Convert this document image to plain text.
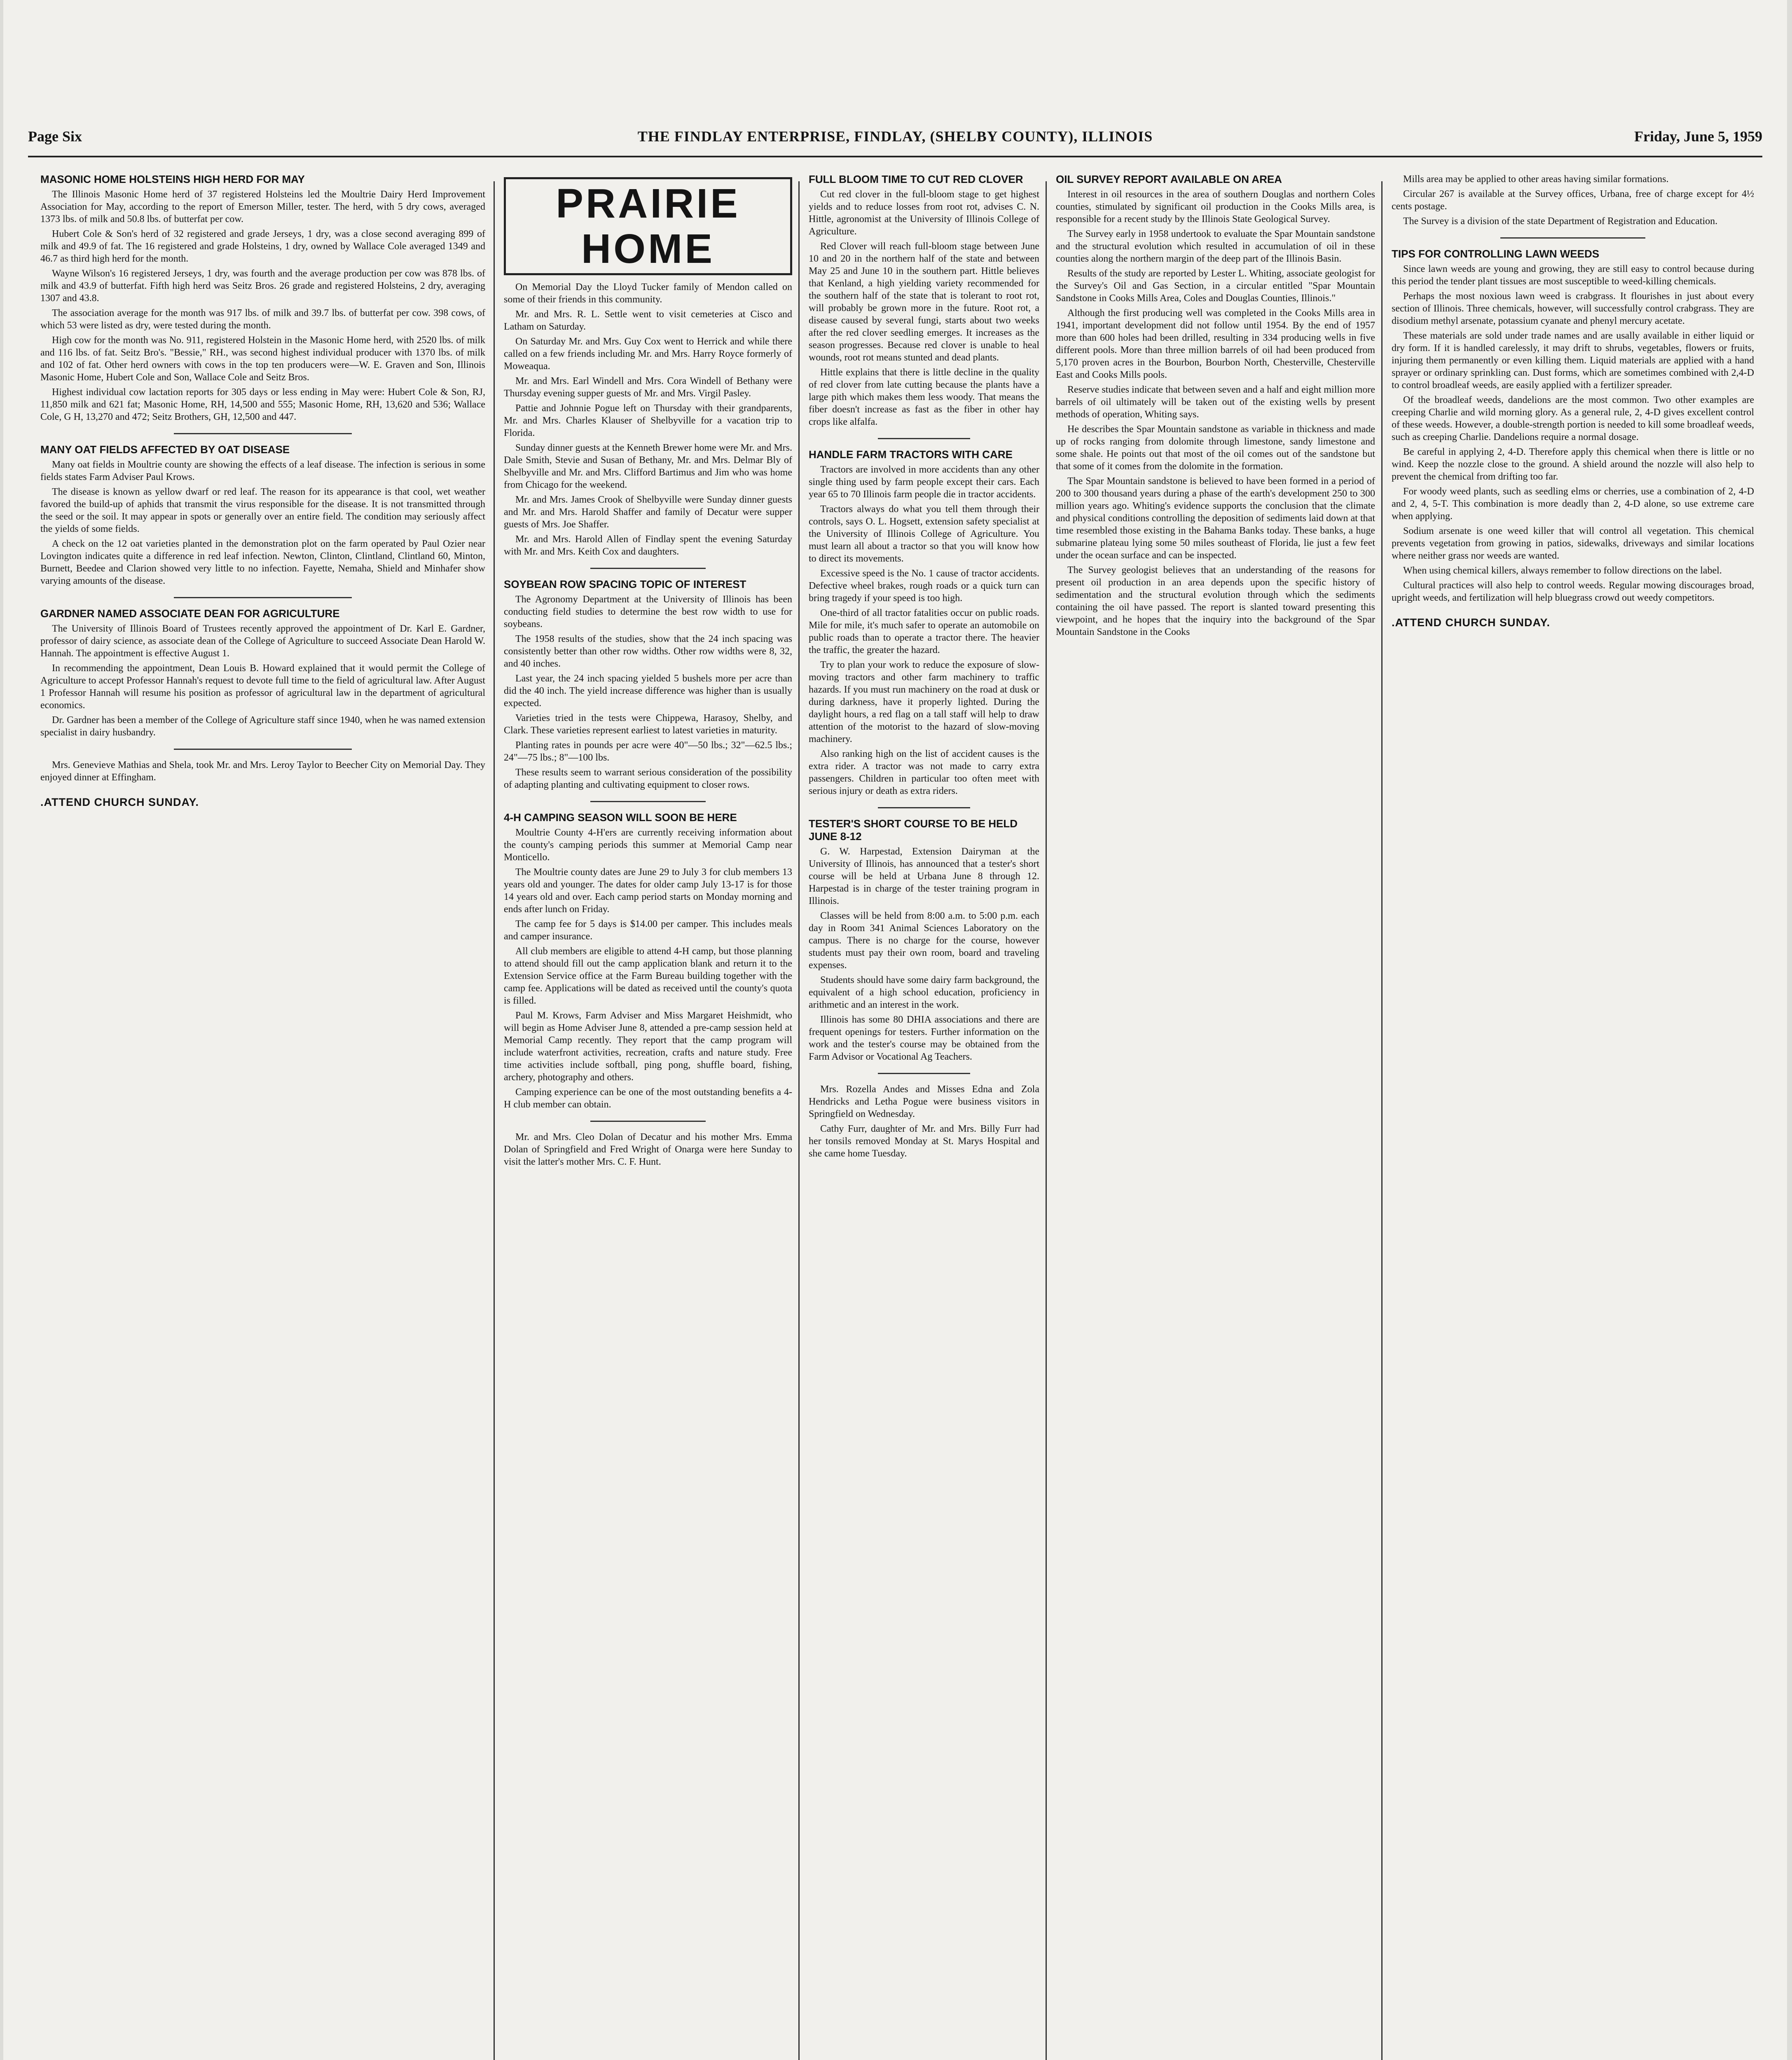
Page Six	THE FINDLAY ENTERPRISE, FINDLAY, (SHELBY COUNTY), ILLINOIS	Friday, June 5, 1959
MASONIC HOME HOLSTEINS HIGH HERD FOR MAY

The Illinois Masonic Home herd of 37 registered Holsteins led the Moultrie Dairy Herd Improvement Association for May, according to the report of Emerson Miller, tester. The herd, with 5 dry cows, averaged 1373 lbs. of milk and 50.8 lbs. of butterfat per cow.

Hubert Cole & Son's herd of 32 registered and grade Jerseys, 1 dry, was a close second averaging 899 of milk and 49.9 of fat. The 16 registered and grade Holsteins, 1 dry, owned by Wallace Cole averaged 1349 and 46.7 as third high herd for the month.

Wayne Wilson's 16 registered Jerseys, 1 dry, was fourth and the average production per cow was 878 lbs. of milk and 43.9 of butterfat. Fifth high herd was Seitz Bros. 26 grade and registered Holsteins, 2 dry, averaging 1307 and 43.8.

The association average for the month was 917 lbs. of milk and 39.7 lbs. of butterfat per cow. 398 cows, of which 53 were listed as dry, were tested during the month.

High cow for the month was No. 911, registered Holstein in the Masonic Home herd, with 2520 lbs. of milk and 116 lbs. of fat. Seitz Bro's. "Bessie," RH., was second highest individual producer with 1370 lbs. of milk and 102 of fat. Other herd owners with cows in the top ten producers were—W. E. Graven and Son, Illinois Masonic Home, Hubert Cole and Son, Wallace Cole and Seitz Bros.

Highest individual cow lactation reports for 305 days or less ending in May were: Hubert Cole & Son, RJ, 11,850 milk and 621 fat; Masonic Home, RH, 14,500 and 555; Masonic Home, RH, 13,620 and 536; Wallace Cole, G H, 13,270 and 472; Seitz Brothers, GH, 12,500 and 447.

MANY OAT FIELDS AFFECTED BY OAT DISEASE

Many oat fields in Moultrie county are showing the effects of a leaf disease. The infection is serious in some fields states Farm Adviser Paul Krows.

The disease is known as yellow dwarf or red leaf. The reason for its appearance is that cool, wet weather favored the build-up of aphids that transmit the virus responsible for the disease. It is not transmitted through the seed or the soil. It may appear in spots or generally over an entire field. The condition may seriously affect the yields of some fields.

A check on the 12 oat varieties planted in the demonstration plot on the farm operated by Paul Ozier near Lovington indicates quite a difference in red leaf infection. Newton, Clinton, Clintland, Clintland 60, Minton, Burnett, Beedee and Clarion showed very little to no infection. Fayette, Nemaha, Shield and Minhafer show varying amounts of the disease.

GARDNER NAMED ASSOCIATE DEAN FOR AGRICULTURE

The University of Illinois Board of Trustees recently approved the appointment of Dr. Karl E. Gardner, professor of dairy science, as associate dean of the College of Agriculture to succeed Associate Dean Harold W. Hannah. The appointment is effective August 1.

In recommending the appointment, Dean Louis B. Howard explained that it would permit the College of Agriculture to accept Professor Hannah's request to devote full time to the field of agricultural law. After August 1 Professor Hannah will resume his position as professor of agricultural law in the department of agricultural economics.

Dr. Gardner has been a member of the College of Agriculture staff since 1940, when he was named extension specialist in dairy husbandry.

Mrs. Genevieve Mathias and Shela, took Mr. and Mrs. Leroy Taylor to Beecher City on Memorial Day. They enjoyed dinner at Effingham.

.ATTEND CHURCH SUNDAY.
PRAIRIE HOME

On Memorial Day the Lloyd Tucker family of Mendon called on some of their friends in this community.

Mr. and Mrs. R. L. Settle went to visit cemeteries at Cisco and Latham on Saturday.

On Saturday Mr. and Mrs. Guy Cox went to Herrick and while there called on a few friends including Mr. and Mrs. Harry Royce formerly of Moweaqua.

Mr. and Mrs. Earl Windell and Mrs. Cora Windell of Bethany were Thursday evening supper guests of Mr. and Mrs. Virgil Pasley.

Pattie and Johnnie Pogue left on Thursday with their grandparents, Mr. and Mrs. Charles Klauser of Shelbyville for a vacation trip to Florida.

Sunday dinner guests at the Kenneth Brewer home were Mr. and Mrs. Dale Smith, Stevie and Susan of Bethany, Mr. and Mrs. Delmar Bly of Shelbyville and Mr. and Mrs. Clifford Bartimus and Jim who was home from Chicago for the weekend.

Mr. and Mrs. James Crook of Shelbyville were Sunday dinner guests and Mr. and Mrs. Harold Shaffer and family of Decatur were supper guests of Mrs. Joe Shaffer.

Mr. and Mrs. Harold Allen of Findlay spent the evening Saturday with Mr. and Mrs. Keith Cox and daughters.

SOYBEAN ROW SPACING TOPIC OF INTEREST

The Agronomy Department at the University of Illinois has been conducting field studies to determine the best row width to use for soybeans.

The 1958 results of the studies, show that the 24 inch spacing was consistently better than other row widths. Other row widths were 8, 32, and 40 inches.

Last year, the 24 inch spacing yielded 5 bushels more per acre than did the 40 inch. The yield increase difference was higher than is usually expected.

Varieties tried in the tests were Chippewa, Harasoy, Shelby, and Clark. These varieties represent earliest to latest varieties in maturity.

Planting rates in pounds per acre were 40"—50 lbs.; 32"—62.5 lbs.; 24"—75 lbs.; 8"—100 lbs.

These results seem to warrant serious consideration of the possibility of adapting planting and cultivating equipment to closer rows.

4-H CAMPING SEASON WILL SOON BE HERE

Moultrie County 4-H'ers are currently receiving information about the county's camping periods this summer at Memorial Camp near Monticello.

The Moultrie county dates are June 29 to July 3 for club members 13 years old and younger. The dates for older camp July 13-17 is for those 14 years old and over. Each camp period starts on Monday morning and ends after lunch on Friday.

The camp fee for 5 days is $14.00 per camper. This includes meals and camper insurance.

All club members are eligible to attend 4-H camp, but those planning to attend should fill out the camp application blank and return it to the Extension Service office at the Farm Bureau building together with the camp fee. Applications will be dated as received until the county's quota is filled.

Paul M. Krows, Farm Adviser and Miss Margaret Heishmidt, who will begin as Home Adviser June 8, attended a pre-camp session held at Memorial Camp recently. They report that the camp program will include waterfront activities, recreation, crafts and nature study. Free time activities include softball, ping pong, shuffle board, fishing, archery, photography and others.

Camping experience can be one of the most outstanding benefits a 4-H club member can obtain.

Mr. and Mrs. Cleo Dolan of Decatur and his mother Mrs. Emma Dolan of Springfield and Fred Wright of Onarga were here Sunday to visit the latter's mother Mrs. C. F. Hunt.

FULL BLOOM TIME TO CUT RED CLOVER

Cut red clover in the full-bloom stage to get highest yields and to reduce losses from root rot, advises C. N. Hittle, agronomist at the University of Illinois College of Agriculture.

Red Clover will reach full-bloom stage between June 10 and 20 in the northern half of the state and between May 25 and June 10 in the southern part. Hittle believes that Kenland, a high yielding variety recommended for the southern half of the state that is tolerant to root rot, will probably be grown more in the future. Root rot, a disease caused by several fungi, starts about two weeks after the red clover seedling emerges. It increases as the season progresses. Because red clover is unable to heal wounds, root rot means stunted and dead plants.

Hittle explains that there is little decline in the quality of red clover from late cutting because the plants have a large pith which makes them less woody. That means the fiber doesn't increase as fast as the fiber in other hay crops like alfalfa.

HANDLE FARM TRACTORS WITH CARE

Tractors are involved in more accidents than any other single thing used by farm people except their cars. Each year 65 to 70 Illinois farm people die in tractor accidents.

Tractors always do what you tell them through their controls, says O. L. Hogsett, extension safety specialist at the University of Illinois College of Agriculture. You must learn all about a tractor so that you will know how to direct its movements.

Excessive speed is the No. 1 cause of tractor accidents. Defective wheel brakes, rough roads or a quick turn can bring tragedy if your speed is too high.

One-third of all tractor fatalities occur on public roads. Mile for mile, it's much safer to operate an automobile on public roads than to operate a tractor there. The heavier the traffic, the greater the hazard.

Try to plan your work to reduce the exposure of slow-moving tractors and other farm machinery to traffic hazards. If you must run machinery on the road at dusk or during darkness, have it properly lighted. During the daylight hours, a red flag on a tall staff will help to draw attention of the motorist to the hazard of slow-moving machinery.

Also ranking high on the list of accident causes is the extra rider. A tractor was not made to carry extra passengers. Children in particular too often meet with serious injury or death as extra riders.

TESTER'S SHORT COURSE TO BE HELD JUNE 8-12

G. W. Harpestad, Extension Dairyman at the University of Illinois, has announced that a tester's short course will be held at Urbana June 8 through 12. Harpestad is in charge of the tester training program in Illinois.

Classes will be held from 8:00 a.m. to 5:00 p.m. each day in Room 341 Animal Sciences Laboratory on the campus. There is no charge for the course, however students must pay their own room, board and traveling expenses.

Students should have some dairy farm background, the equivalent of a high school education, proficiency in arithmetic and an interest in the work.

Illinois has some 80 DHIA associations and there are frequent openings for testers. Further information on the work and the tester's course may be obtained from the Farm Advisor or Vocational Ag Teachers.

Mrs. Rozella Andes and Misses Edna and Zola Hendricks and Letha Pogue were business visitors in Springfield on Wednesday.

Cathy Furr, daughter of Mr. and Mrs. Billy Furr had her tonsils removed Monday at St. Marys Hospital and she came home Tuesday.

OIL SURVEY REPORT AVAILABLE ON AREA

Interest in oil resources in the area of southern Douglas and northern Coles counties, stimulated by significant oil production in the Cooks Mills area, is responsible for a recent study by the Illinois State Geological Survey.

The Survey early in 1958 undertook to evaluate the Spar Mountain sandstone and the structural evolution which resulted in accumulation of oil in these counties along the northern margin of the deep part of the Illinois Basin.

Results of the study are reported by Lester L. Whiting, associate geologist for the Survey's Oil and Gas Section, in a circular entitled "Spar Mountain Sandstone in Cooks Mills Area, Coles and Douglas Counties, Illinois."

Although the first producing well was completed in the Cooks Mills area in 1941, important development did not follow until 1954. By the end of 1957 more than 600 holes had been drilled, resulting in 334 producing wells in five different pools. More than three million barrels of oil had been produced from 5,170 proven acres in the Bourbon, Bourbon North, Chesterville, Chesterville East and Cooks Mills pools.

Reserve studies indicate that between seven and a half and eight million more barrels of oil ultimately will be taken out of the existing wells by present methods of operation, Whiting says.

He describes the Spar Mountain sandstone as variable in thickness and made up of rocks ranging from dolomite through limestone, sandy limestone and some shale. He points out that most of the oil comes out of the sandstone but that some of it comes from the dolomite in the formation.

The Spar Mountain sandstone is believed to have been formed in a period of 200 to 300 thousand years during a phase of the earth's development 250 to 300 million years ago. Whiting's evidence supports the conclusion that the climate and physical conditions controlling the deposition of sediments laid down at that time resembled those existing in the Bahama Banks today. These banks, a huge submarine plateau lying some 50 miles southeast of Florida, lie just a few feet under the ocean surface and can be inspected.

The Survey geologist believes that an understanding of the reasons for present oil production in an area depends upon the specific history of sedimentation and the structural evolution through which the sediments containing the oil have passed. The report is slanted toward presenting this viewpoint, and he hopes that the inquiry into the background of the Spar Mountain Sandstone in the Cooks

Mills area may be applied to other areas having similar formations.

Circular 267 is available at the Survey offices, Urbana, free of charge except for 4½ cents postage.

The Survey is a division of the state Department of Registration and Education.

TIPS FOR CONTROLLING LAWN WEEDS

Since lawn weeds are young and growing, they are still easy to control because during this period the tender plant tissues are most susceptible to weed-killing chemicals.

Perhaps the most noxious lawn weed is crabgrass. It flourishes in just about every section of Illinois. Three chemicals, however, will successfully control crabgrass. They are disodium methyl arsenate, potassium cyanate and phenyl mercury acetate.

These materials are sold under trade names and are usally available in either liquid or dry form. If it is handled carelessly, it may drift to shrubs, vegetables, flowers or fruits, injuring them permanently or even killing them. Liquid materials are applied with a hand sprayer or ordinary sprinkling can. Dust forms, which are sometimes combined with 2,4-D to control broadleaf weeds, are easily applied with a fertilizer spreader.

Of the broadleaf weeds, dandelions are the most common. Two other examples are creeping Charlie and wild morning glory. As a general rule, 2, 4-D gives excellent control of these weeds. However, a double-strength portion is needed to kill some broadleaf weeds, such as creeping Charlie. Dandelions require a normal dosage.

Be careful in applying 2, 4-D. Therefore apply this chemical when there is little or no wind. Keep the nozzle close to the ground. A shield around the nozzle will also help to prevent the chemical from drifting too far.

For woody weed plants, such as seedling elms or cherries, use a combination of 2, 4-D and 2, 4, 5-T. This combination is more deadly than 2, 4-D alone, so use extreme care when applying.

Sodium arsenate is one weed killer that will control all vegetation. This chemical prevents vegetation from growing in patios, sidewalks, driveways and similar locations where neither grass nor weeds are wanted.

When using chemical killers, always remember to follow directions on the label.

Cultural practices will also help to control weeds. Regular mowing discourages broad, upright weeds, and fertilization will help bluegrass crowd out weedy competitors.

.ATTEND CHURCH SUNDAY.
